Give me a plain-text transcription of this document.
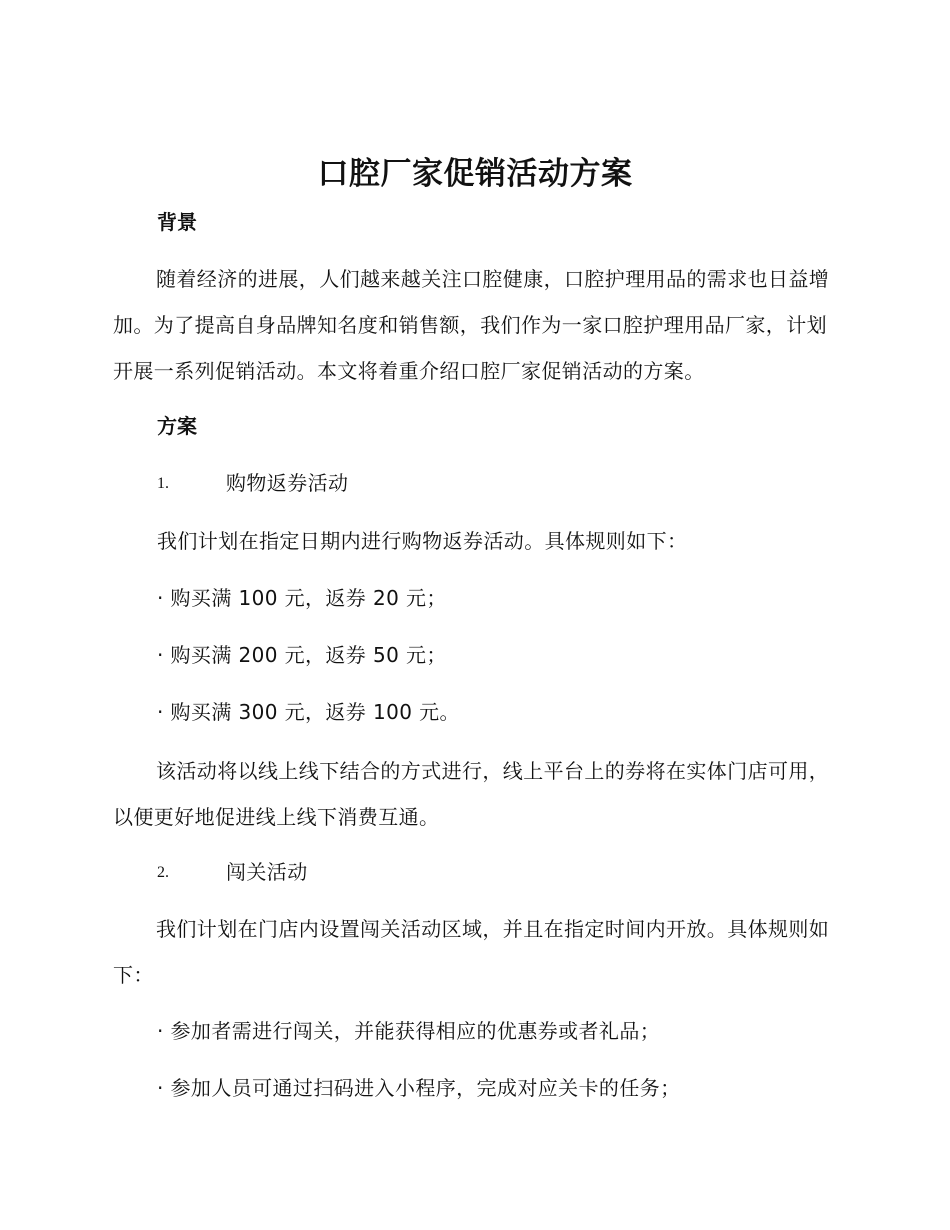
口腔厂家促销活动方案
背景
随着经济的进展，人们越来越关注口腔健康，口腔护理用品的需求也日益增加。为了提高自身品牌知名度和销售额，我们作为一家口腔护理用品厂家，计划开展一系列促销活动。本文将着重介绍口腔厂家促销活动的方案。
方案
1.	购物返券活动
我们计划在指定日期内进行购物返券活动。具体规则如下：
· 购买满 100 元，返券 20 元；
· 购买满 200 元，返券 50 元；
· 购买满 300 元，返券 100 元。
该活动将以线上线下结合的方式进行，线上平台上的券将在实体门店可用，以便更好地促进线上线下消费互通。
2.	闯关活动
我们计划在门店内设置闯关活动区域，并且在指定时间内开放。具体规则如下：
· 参加者需进行闯关，并能获得相应的优惠券或者礼品；
· 参加人员可通过扫码进入小程序，完成对应关卡的任务；
